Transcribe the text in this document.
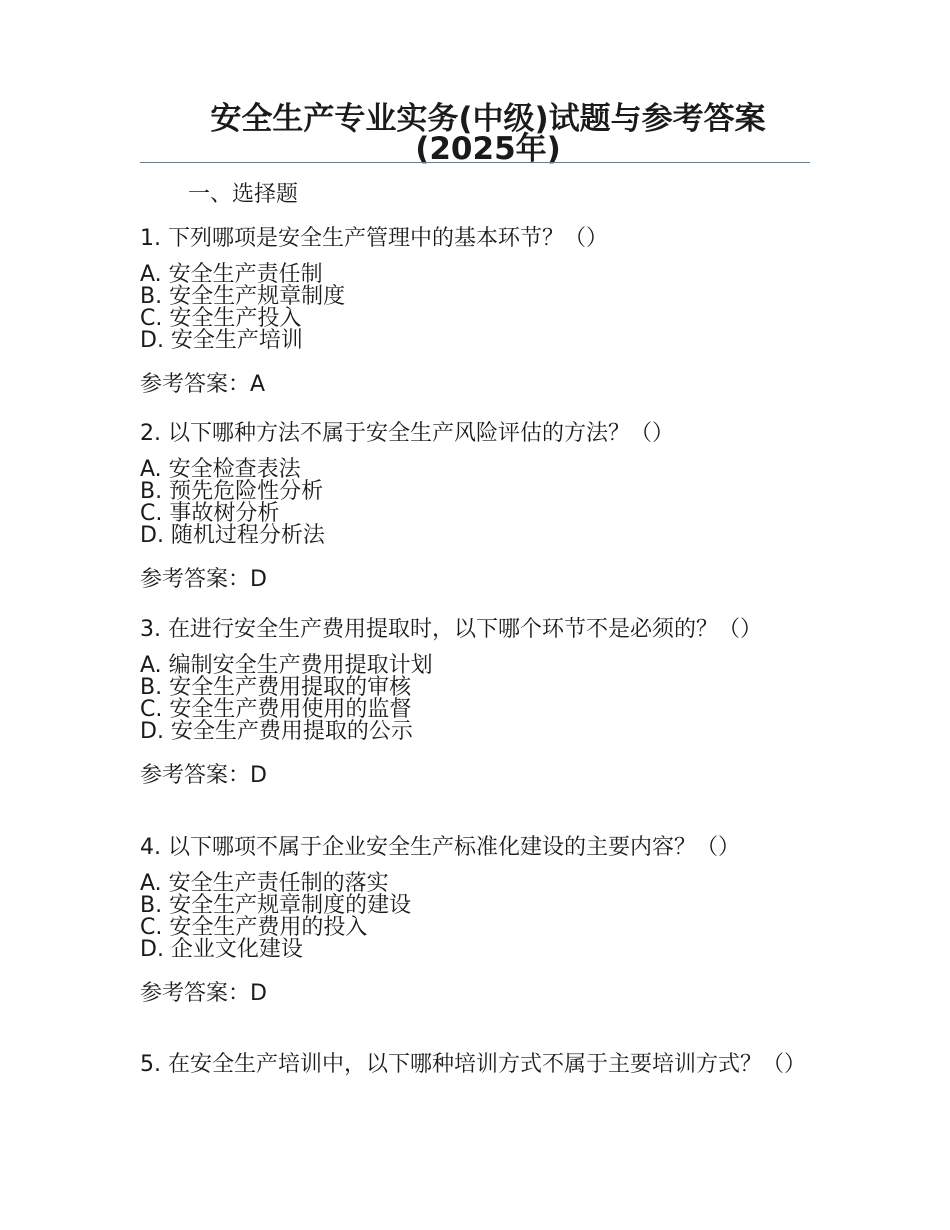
安全生产专业实务(中级)试题与参考答案(2025年)

一、选择题

1. 下列哪项是安全生产管理中的基本环节？（）

A. 安全生产责任制
B. 安全生产规章制度
C. 安全生产投入
D. 安全生产培训

参考答案：A

2. 以下哪种方法不属于安全生产风险评估的方法？（）

A. 安全检查表法
B. 预先危险性分析
C. 事故树分析
D. 随机过程分析法

参考答案：D

3. 在进行安全生产费用提取时，以下哪个环节不是必须的？（）

A. 编制安全生产费用提取计划
B. 安全生产费用提取的审核
C. 安全生产费用使用的监督
D. 安全生产费用提取的公示

参考答案：D

4. 以下哪项不属于企业安全生产标准化建设的主要内容？（）

A. 安全生产责任制的落实
B. 安全生产规章制度的建设
C. 安全生产费用的投入
D. 企业文化建设

参考答案：D

5. 在安全生产培训中，以下哪种培训方式不属于主要培训方式？（）
